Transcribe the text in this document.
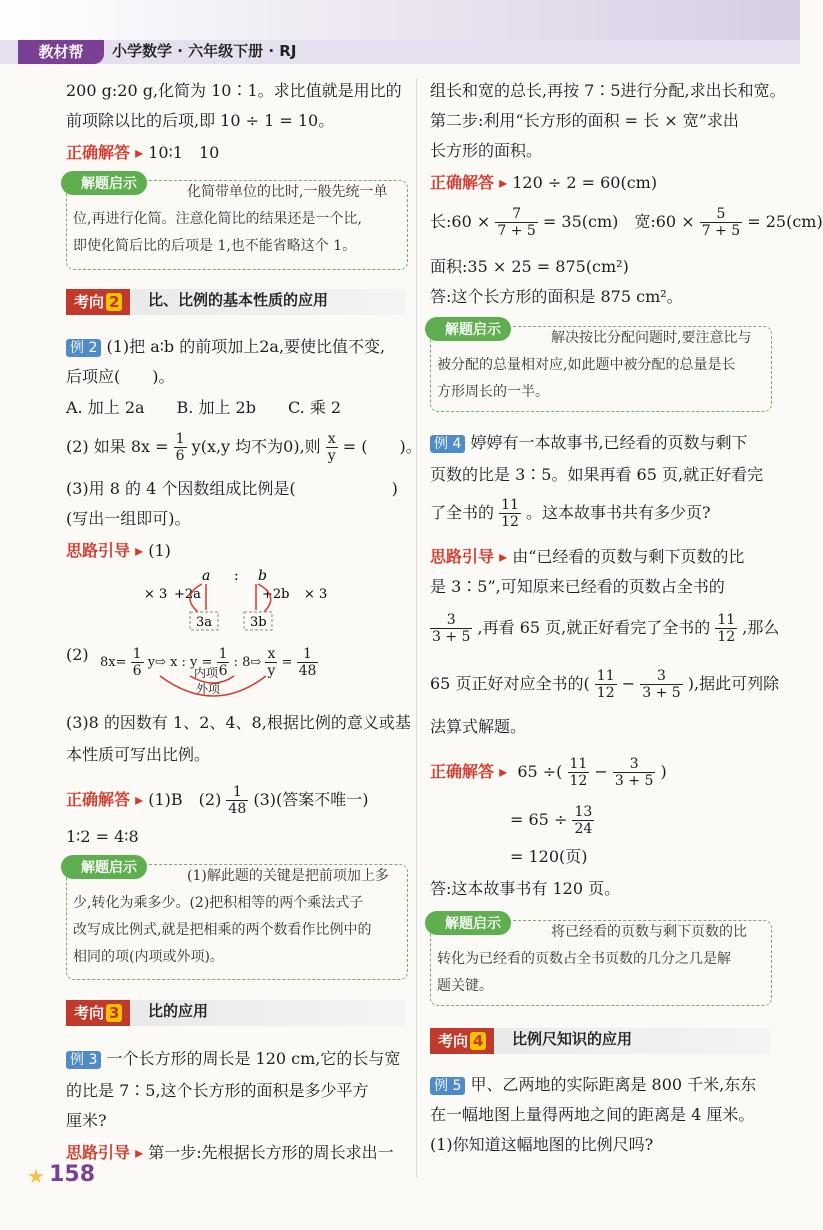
教材帮	小学数学 · 六年级下册 · RJ
200 g:20 g,化简为 10∶1。求比值就是用比的
前项除以比的后项,即 10 ÷ 1 = 10。
正确解答 ▸ 10∶1　10
解题启示	化简带单位的比时,一般先统一单
位,再进行化简。注意化简比的结果还是一个比,
即使化简后比的后项是 1,也不能省略这个 1。
考向 2	比、比例的基本性质的应用
例 2 (1)把 a∶b 的前项加上2a,要使比值不变,
后项应(　　)。
A. 加上 2a　　B. 加上 2b　　C. 乘 2
(2) 如果 $8x = \frac{1}{6} y(x,y$ 均不为0),则 $\frac{x}{y}$ = (　　)。
(3)用 8 的 4 个因数组成比例是(　　　　　　)
(写出一组即可)。
思路引导 ▸ (1)
a : b
× 3 +2a	+2b × 3
3a	3b
(2) $8x= \frac{1}{6}$ y⇨ x : $y = \frac{1}{6}$ : 8⇨ $\frac{x}{y} = \frac{1}{48}$
内项
外项
(3)8 的因数有 1、2、4、8,根据比例的意义或基
本性质可写出比例。
正确解答 ▸ (1)B　$(2) \frac{1}{48} (3)$(答案不唯一)
1∶2 = 4∶8
解题启示	(1)解此题的关键是把前项加上多
少,转化为乘多少。(2)把积相等的两个乘法式子
改写成比例式,就是把相乘的两个数看作比例中的
相同的项(内项或外项)。
考向 3	比的应用
例 3 一个长方形的周长是 120 cm,它的长与宽
的比是 7∶5,这个长方形的面积是多少平方
厘米?
思路引导 ▸ 第一步:先根据长方形的周长求出一
组长和宽的总长,再按 7∶5进行分配,求出长和宽。
第二步:利用“长方形的面积 = 长 × 宽”求出
长方形的面积。
正确解答 ▸ 120 ÷ 2 = 60(cm)
长:60 × $\frac{7}{7 + 5} = 35(cm)$　宽:60 × $\frac{5}{7 + 5} = 25(cm)$
面积:35 × 25 = 875(cm²)
答:这个长方形的面积是 875 cm²。
解题启示	解决按比分配问题时,要注意比与
被分配的总量相对应,如此题中被分配的总量是长
方形周长的一半。
例 4 婷婷有一本故事书,已经看的页数与剩下
页数的比是 3∶5。如果再看 65 页,就正好看完
了全书的 $\frac{11}{12}$ 。这本故事书共有多少页?
思路引导 ▸ 由“已经看的页数与剩下页数的比
是 3∶5”,可知原来已经看的页数占全书的
$\frac{3}{3 + 5}$ ,再看 65 页,就正好看完了全书的 $\frac{11}{12}$ ,那么
65 页正好对应全书的( $\frac{11}{12} - \frac{3}{3 + 5}$ ),据此可列除
法算式解题。
正确解答 ▸ 65 ÷( $\frac{11}{12} - \frac{3}{3 + 5}$ )
= $65 \div \frac{13}{24}$
= 120(页)
答:这本故事书有 120 页。
解题启示	将已经看的页数与剩下页数的比
转化为已经看的页数占全书页数的几分之几是解
题关键。
考向 4	比例尺知识的应用
例 5 甲、乙两地的实际距离是 800 千米,东东
在一幅地图上量得两地之间的距离是 4 厘米。
(1)你知道这幅地图的比例尺吗?
158
